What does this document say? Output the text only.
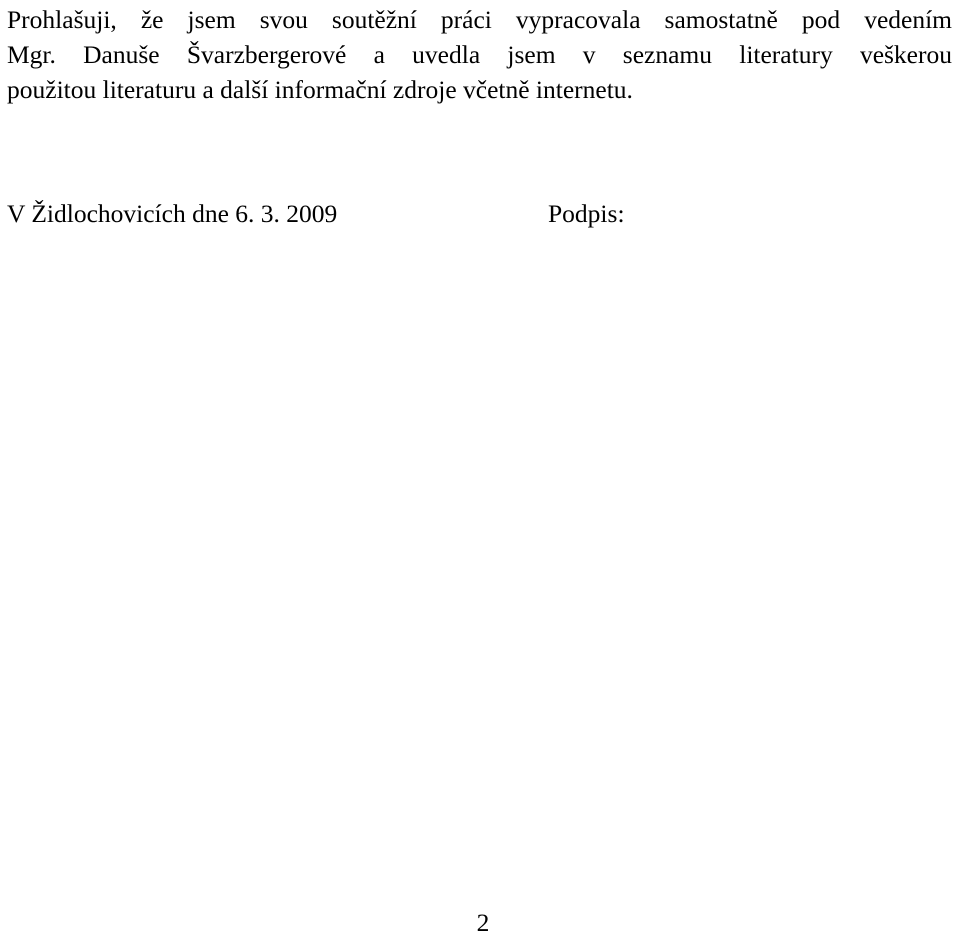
Prohlašuji, že jsem svou soutěžní práci vypracovala samostatně pod vedením
Mgr. Danuše Švarzbergerové a uvedla jsem v seznamu literatury veškerou
použitou literaturu a další informační zdroje včetně internetu.

V Židlochovicích dne 6. 3. 2009	Podpis:

2
